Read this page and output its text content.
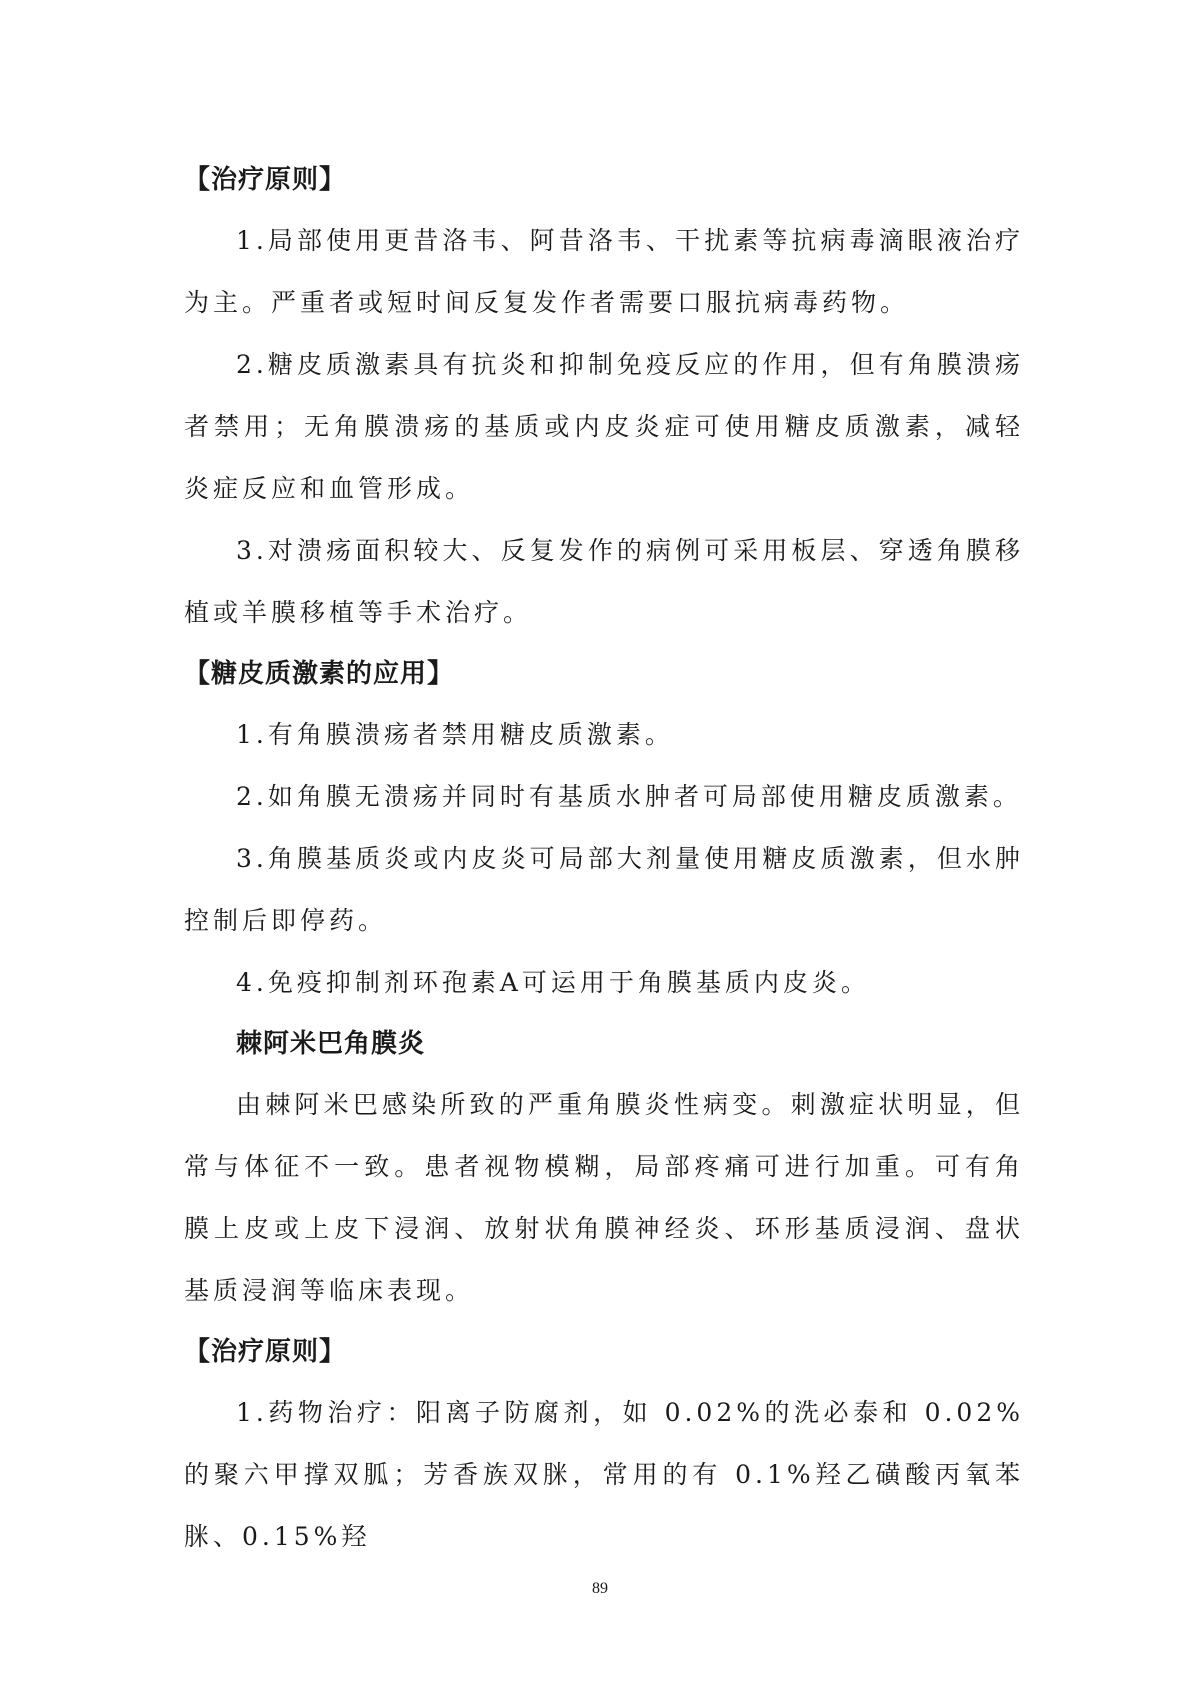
【治疗原则】

1.局部使用更昔洛韦、阿昔洛韦、干扰素等抗病毒滴眼液治疗为主。严重者或短时间反复发作者需要口服抗病毒药物。

2.糖皮质激素具有抗炎和抑制免疫反应的作用，但有角膜溃疡者禁用；无角膜溃疡的基质或内皮炎症可使用糖皮质激素，减轻炎症反应和血管形成。

3.对溃疡面积较大、反复发作的病例可采用板层、穿透角膜移植或羊膜移植等手术治疗。

【糖皮质激素的应用】

1.有角膜溃疡者禁用糖皮质激素。

2.如角膜无溃疡并同时有基质水肿者可局部使用糖皮质激素。

3.角膜基质炎或内皮炎可局部大剂量使用糖皮质激素，但水肿控制后即停药。

4.免疫抑制剂环孢素A可运用于角膜基质内皮炎。

棘阿米巴角膜炎

由棘阿米巴感染所致的严重角膜炎性病变。刺激症状明显，但常与体征不一致。患者视物模糊，局部疼痛可进行加重。可有角膜上皮或上皮下浸润、放射状角膜神经炎、环形基质浸润、盘状基质浸润等临床表现。

【治疗原则】

1.药物治疗：阳离子防腐剂，如 0.02%的洗必泰和 0.02%的聚六甲撑双胍；芳香族双脒，常用的有 0.1%羟乙磺酸丙氧苯脒、0.15%羟

89
